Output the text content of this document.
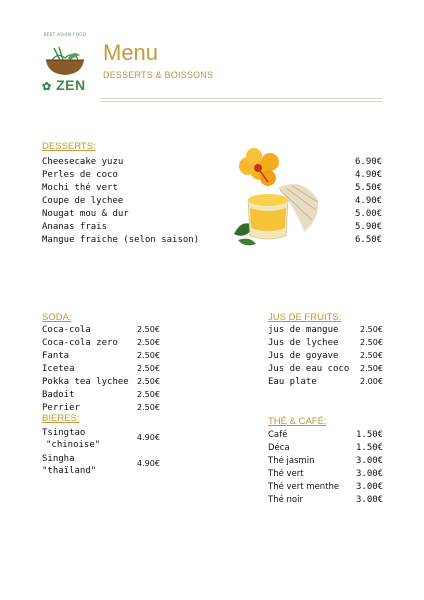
BEST ASIAN FOOD
✿ ZEN
Menu
DESSERTS & BOISSONS
DESSERTS:
Cheesecake yuzu	6.90€
Perles de coco	4.90€
Mochi thé vert	5.50€
Coupe de lychee	4.90€
Nougat mou & dur	5.00€
Ananas frais	5.90€
Mangue fraiche (selon saison)	6.50€
SODA:
Coca-cola	2.50€
Coca-cola zero 2.50€
Fanta	2.50€
Icetea	2.50€
Pokka tea lychee 2.50€
Badoit	2.50€
Perrier	2.50€
BIERES:
Tsingtao
"chinoise"
4.90€
Singha
"thaïland"
4.90€
JUS DE FRUITS:
jus de mangue	2.50€
Jus de lychee	2.50€
Jus de goyave	2.50€
Jus de eau coco 2.50€
Eau plate	2.00€
THÉ & CAFÉ:
Café	1.50€
Déca	1.50€
Thé jasmin	3.00€
Thé vert	3.00€
Thé vert menthe 3.00€
Thé noir	3.00€
